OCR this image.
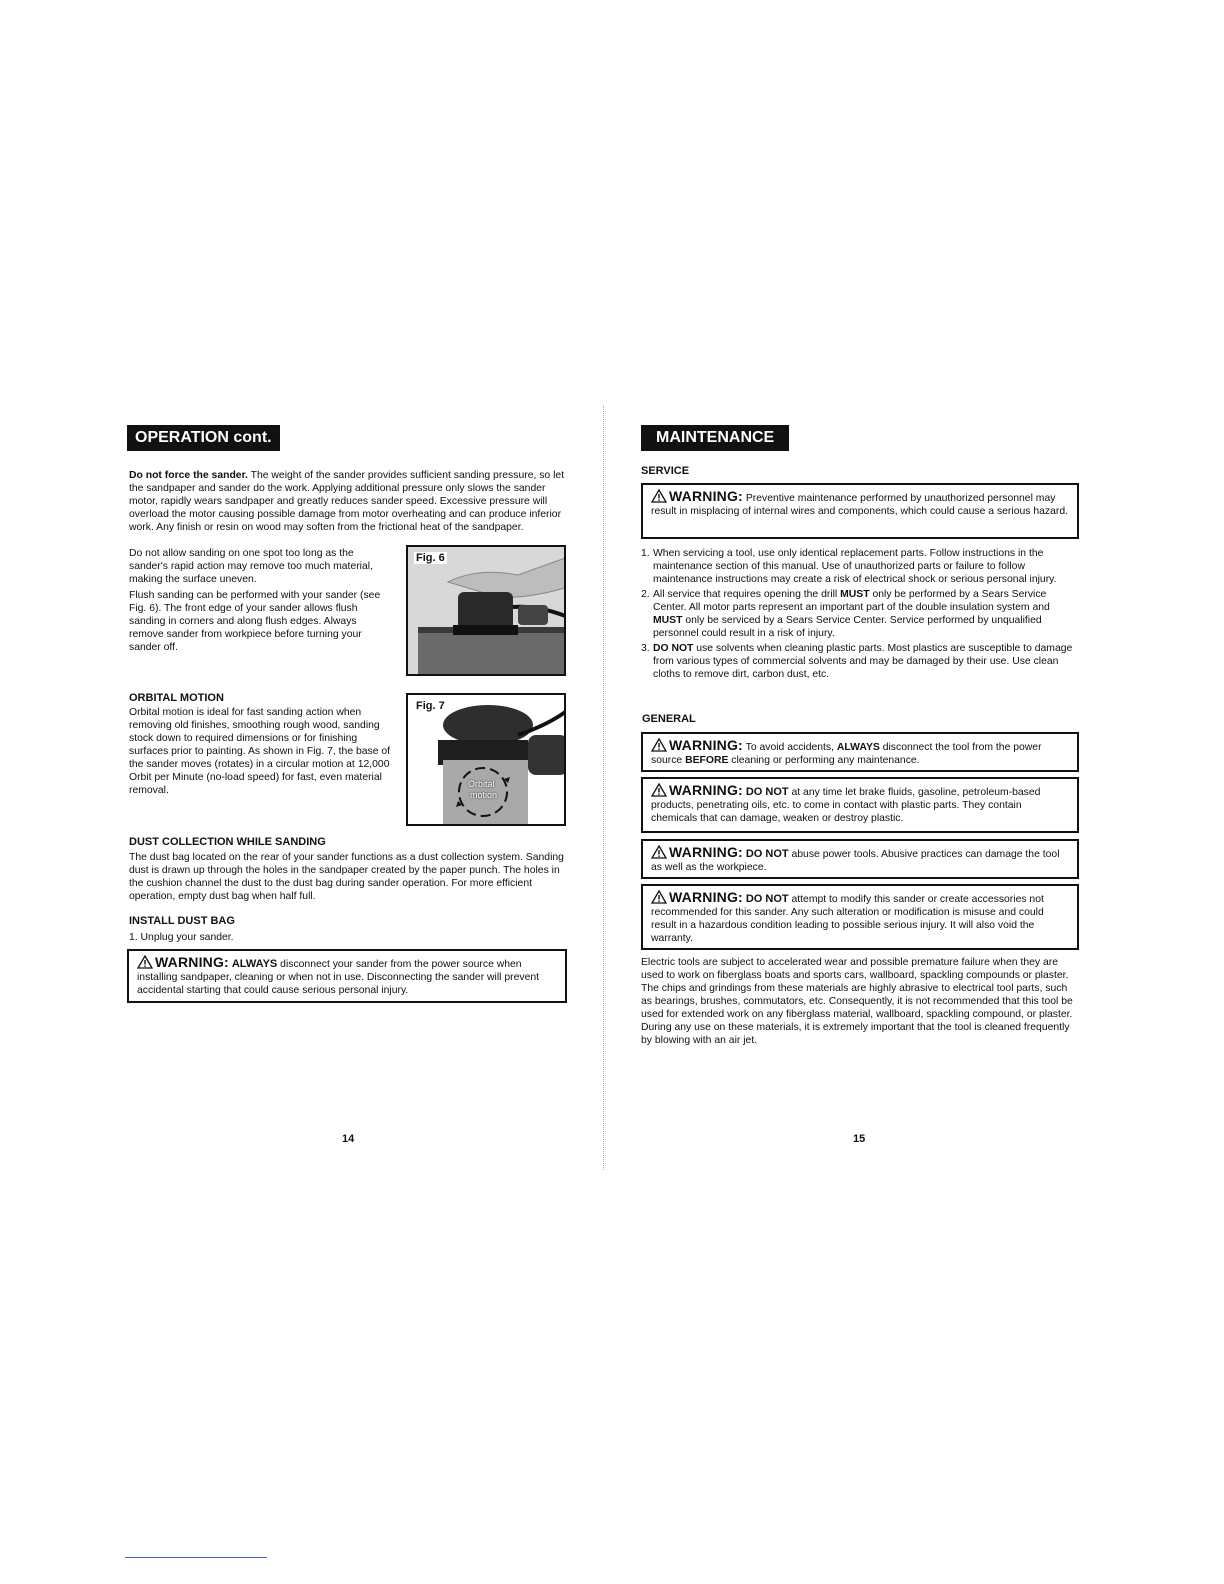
OPERATION cont.

Do not force the sander. The weight of the sander provides sufficient sanding pressure, so let the sandpaper and sander do the work. Applying additional pressure only slows the sander motor, rapidly wears sandpaper and greatly reduces sander speed. Excessive pressure will overload the motor causing possible damage from motor overheating and can produce inferior work. Any finish or resin on wood may soften from the frictional heat of the sandpaper.

Do not allow sanding on one spot too long as the sander's rapid action may remove too much material, making the surface uneven.

Flush sanding can be performed with your sander (see Fig. 6). The front edge of your sander allows flush sanding in corners and along flush edges. Always remove sander from workpiece before turning your sander off.

Fig. 6

ORBITAL MOTION

Orbital motion is ideal for fast sanding action when removing old finishes, smoothing rough wood, sanding stock down to required dimensions or for finishing surfaces prior to painting. As shown in Fig. 7, the base of the sander moves (rotates) in a circular motion at 12,000 Orbit per Minute (no-load speed) for fast, even material removal.

Fig. 7
Orbital
motion

DUST COLLECTION WHILE SANDING

The dust bag located on the rear of your sander functions as a dust collection system. Sanding dust is drawn up through the holes in the sandpaper created by the paper punch. The holes in the cushion channel the dust to the dust bag during sander operation. For more efficient operation, empty dust bag when half full.

INSTALL DUST BAG

1. Unplug your sander.

WARNING: ALWAYS disconnect your sander from the power source when installing sandpaper, cleaning or when not in use. Disconnecting the sander will prevent accidental starting that could cause serious personal injury.
14
MAINTENANCE

SERVICE

WARNING: Preventive maintenance performed by unauthorized personnel may result in misplacing of internal wires and components, which could cause a serious hazard.
1. When servicing a tool, use only identical replacement parts. Follow instructions in the maintenance section of this manual. Use of unauthorized parts or failure to follow maintenance instructions may create a risk of electrical shock or serious personal injury.
2. All service that requires opening the drill MUST only be performed by a Sears Service Center. All motor parts represent an important part of the double insulation system and MUST only be serviced by a Sears Service Center. Service performed by unqualified personnel could result in a risk of injury.
3. DO NOT use solvents when cleaning plastic parts. Most plastics are susceptible to damage from various types of commercial solvents and may be damaged by their use. Use clean cloths to remove dirt, carbon dust, etc.

GENERAL

WARNING: To avoid accidents, ALWAYS disconnect the tool from the power source BEFORE cleaning or performing any maintenance.
WARNING: DO NOT at any time let brake fluids, gasoline, petroleum-based products, penetrating oils, etc. to come in contact with plastic parts. They contain chemicals that can damage, weaken or destroy plastic.
WARNING: DO NOT abuse power tools. Abusive practices can damage the tool as well as the workpiece.
WARNING: DO NOT attempt to modify this sander or create accessories not recommended for this sander. Any such alteration or modification is misuse and could result in a hazardous condition leading to possible serious injury. It will also void the warranty.

Electric tools are subject to accelerated wear and possible premature failure when they are used to work on fiberglass boats and sports cars, wallboard, spackling compounds or plaster. The chips and grindings from these materials are highly abrasive to electrical tool parts, such as bearings, brushes, commutators, etc. Consequently, it is not recommended that this tool be used for extended work on any fiberglass material, wallboard, spackling compound, or plaster. During any use on these materials, it is extremely important that the tool is cleaned frequently by blowing with an air jet.

15
